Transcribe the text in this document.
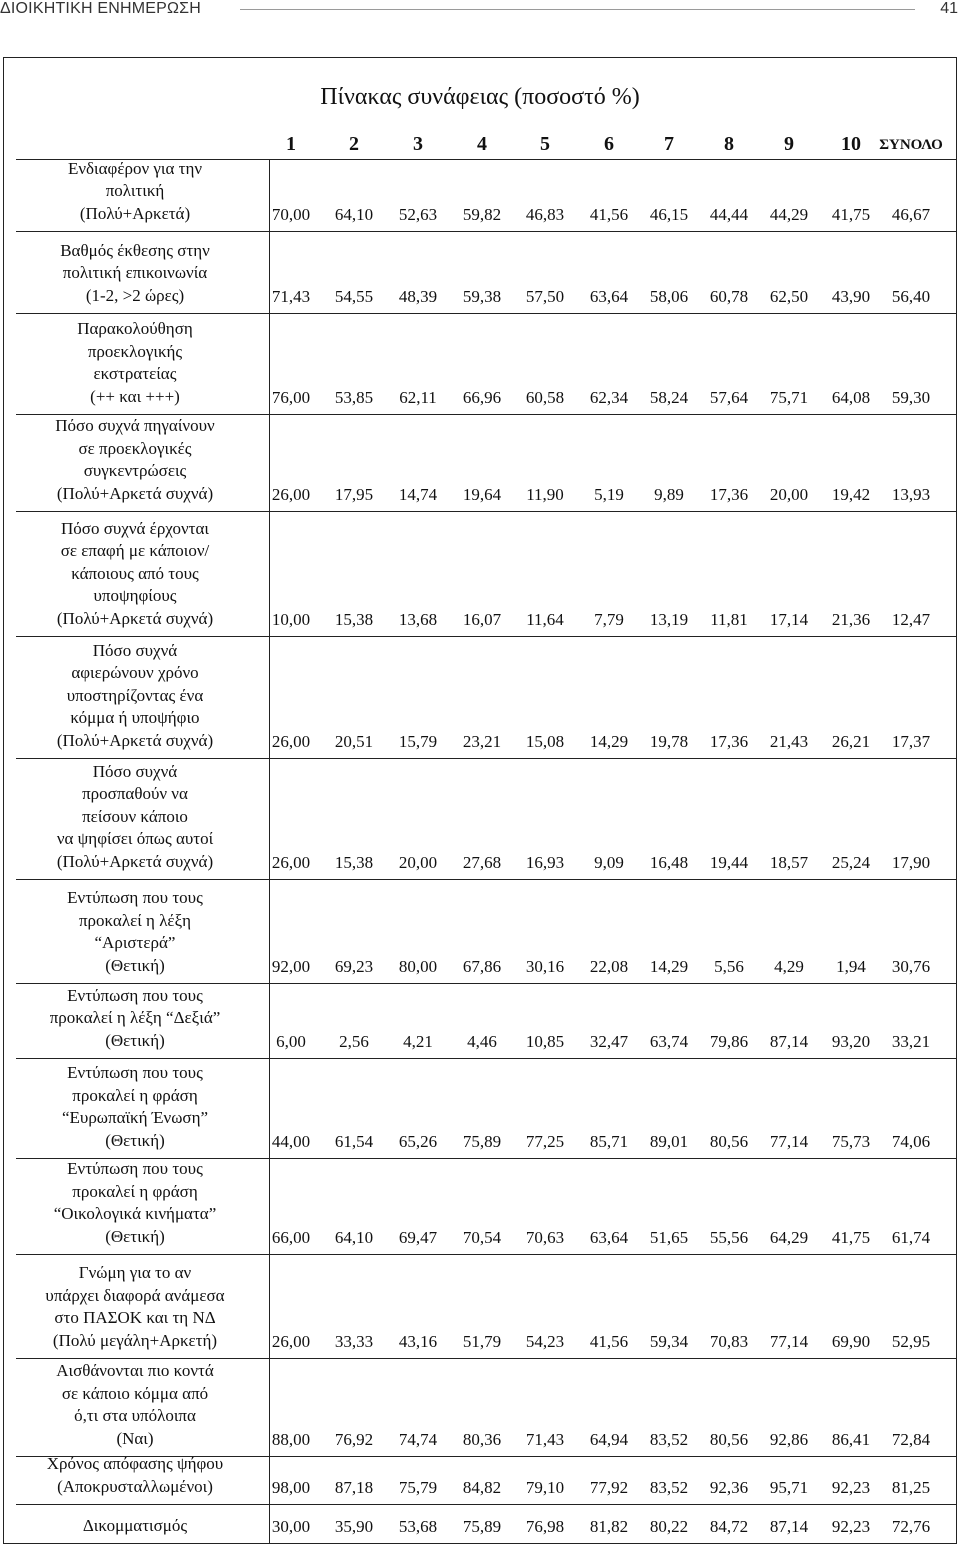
ΔΙΟΙΚΗΤΙΚΗ ΕΝΗΜΕΡΩΣΗ	41
Πίνακας συνάφειας (ποσοστό %)
1	2	3	4	5	6	7	8	9	10	ΣΥΝΟΛΟ
Ενδιαφέρον για την
πολιτική
(Πολύ+Αρκετά)	70,00	64,10	52,63	59,82	46,83	41,56	46,15	44,44	44,29	41,75	46,67
Βαθμός έκθεσης στην
πολιτική επικοινωνία
(1-2, >2 ώρες)	71,43	54,55	48,39	59,38	57,50	63,64	58,06	60,78	62,50	43,90	56,40
Παρακολούθηση
προεκλογικής
εκστρατείας
(++ και +++)	76,00	53,85	62,11	66,96	60,58	62,34	58,24	57,64	75,71	64,08	59,30
Πόσο συχνά πηγαίνουν
σε προεκλογικές
συγκεντρώσεις
(Πολύ+Αρκετά συχνά)	26,00	17,95	14,74	19,64	11,90	5,19	9,89	17,36	20,00	19,42	13,93
Πόσο συχνά έρχονται
σε επαφή με κάποιον/
κάποιους από τους
υποψηφίους
(Πολύ+Αρκετά συχνά)	10,00	15,38	13,68	16,07	11,64	7,79	13,19	11,81	17,14	21,36	12,47
Πόσο συχνά
αφιερώνουν χρόνο
υποστηρίζοντας ένα
κόμμα ή υποψήφιο
(Πολύ+Αρκετά συχνά)	26,00	20,51	15,79	23,21	15,08	14,29	19,78	17,36	21,43	26,21	17,37
Πόσο συχνά
προσπαθούν να
πείσουν κάποιο
να ψηφίσει όπως αυτοί
(Πολύ+Αρκετά συχνά)	26,00	15,38	20,00	27,68	16,93	9,09	16,48	19,44	18,57	25,24	17,90
Εντύπωση που τους
προκαλεί η λέξη
“Αριστερά”
(Θετική)	92,00	69,23	80,00	67,86	30,16	22,08	14,29	5,56	4,29	1,94	30,76
Εντύπωση που τους
προκαλεί η λέξη “Δεξιά”
(Θετική)	6,00	2,56	4,21	4,46	10,85	32,47	63,74	79,86	87,14	93,20	33,21
Εντύπωση που τους
προκαλεί η φράση
“Ευρωπαϊκή Ένωση”
(Θετική)	44,00	61,54	65,26	75,89	77,25	85,71	89,01	80,56	77,14	75,73	74,06
Εντύπωση που τους
προκαλεί η φράση
“Οικολογικά κινήματα”
(Θετική)	66,00	64,10	69,47	70,54	70,63	63,64	51,65	55,56	64,29	41,75	61,74
Γνώμη για το αν
υπάρχει διαφορά ανάμεσα
στο ΠΑΣΟΚ και τη ΝΔ
(Πολύ μεγάλη+Αρκετή)	26,00	33,33	43,16	51,79	54,23	41,56	59,34	70,83	77,14	69,90	52,95
Αισθάνονται πιο κοντά
σε κάποιο κόμμα από
ό,τι στα υπόλοιπα
(Ναι)	88,00	76,92	74,74	80,36	71,43	64,94	83,52	80,56	92,86	86,41	72,84
Χρόνος απόφασης ψήφου
(Αποκρυσταλλωμένοι)	98,00	87,18	75,79	84,82	79,10	77,92	83,52	92,36	95,71	92,23	81,25
Δικομματισμός	30,00	35,90	53,68	75,89	76,98	81,82	80,22	84,72	87,14	92,23	72,76
